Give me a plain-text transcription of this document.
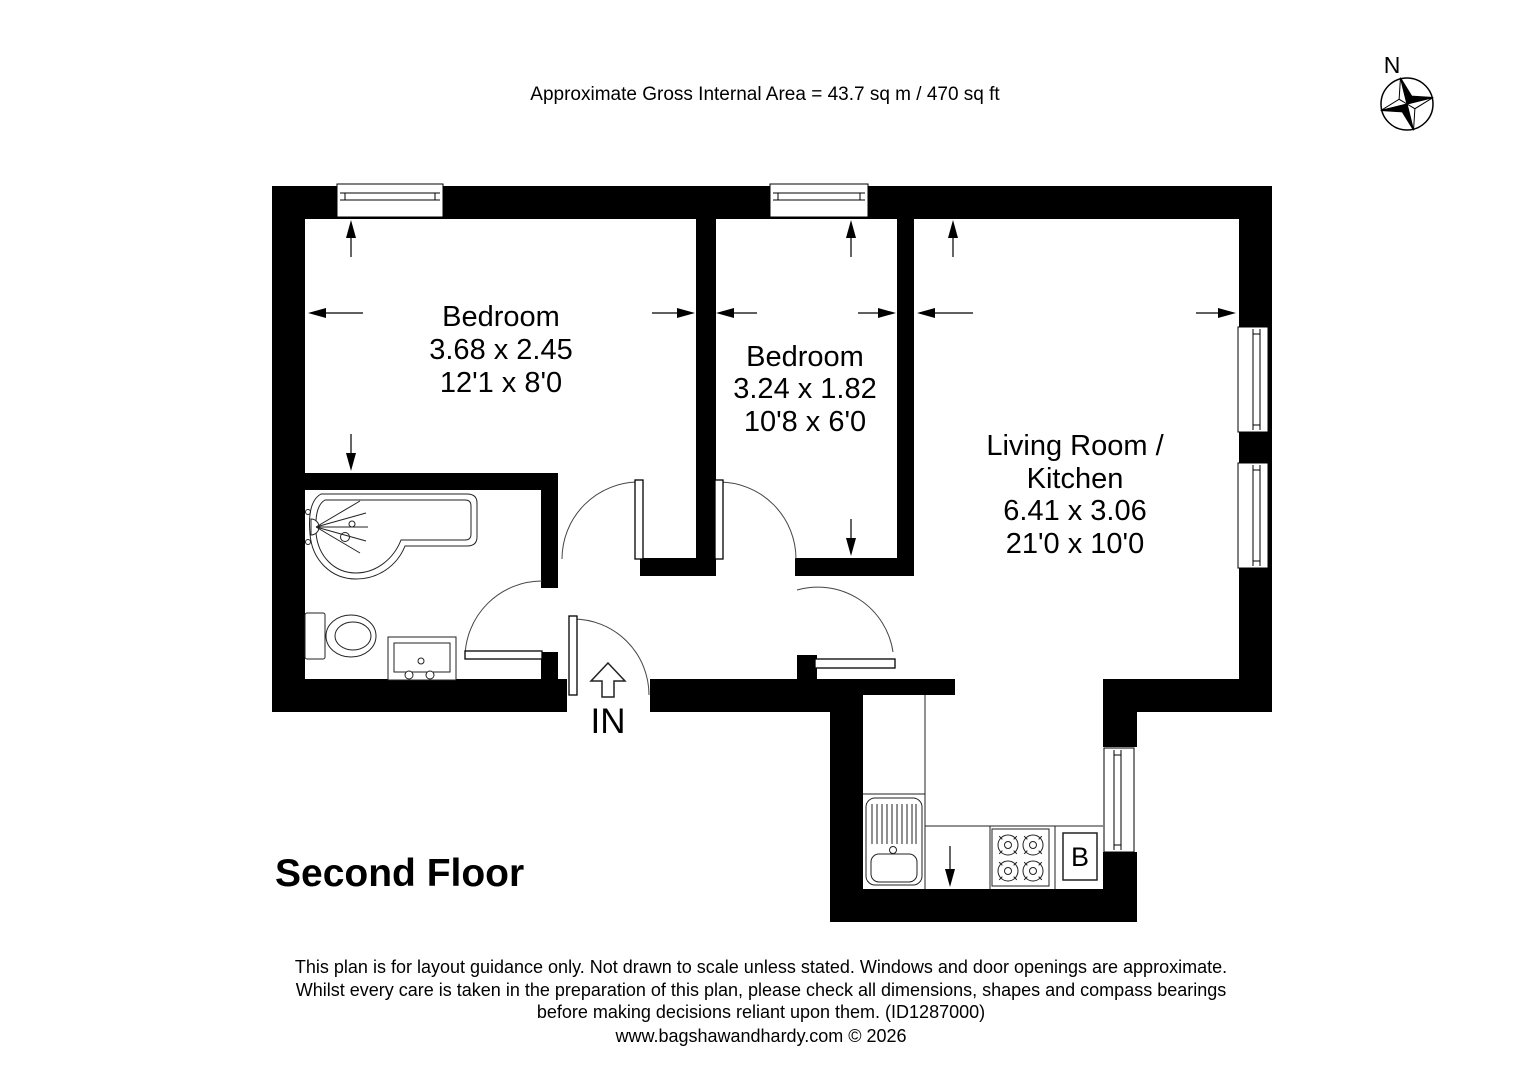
B
IN
N
Approximate Gross Internal Area = 43.7 sq m / 470 sq ft
Bedroom
3.68 x 2.45
12'1 x 8'0
Bedroom
3.24 x 1.82
10'8 x 6'0
Living Room /
Kitchen
6.41 x 3.06
21'0 x 10'0
Second Floor
This plan is for layout guidance only. Not drawn to scale unless stated. Windows and door openings are approximate.
Whilst every care is taken in the preparation of this plan, please check all dimensions, shapes and compass bearings
before making decisions reliant upon them. (ID1287000)
www.bagshawandhardy.com © 2026
